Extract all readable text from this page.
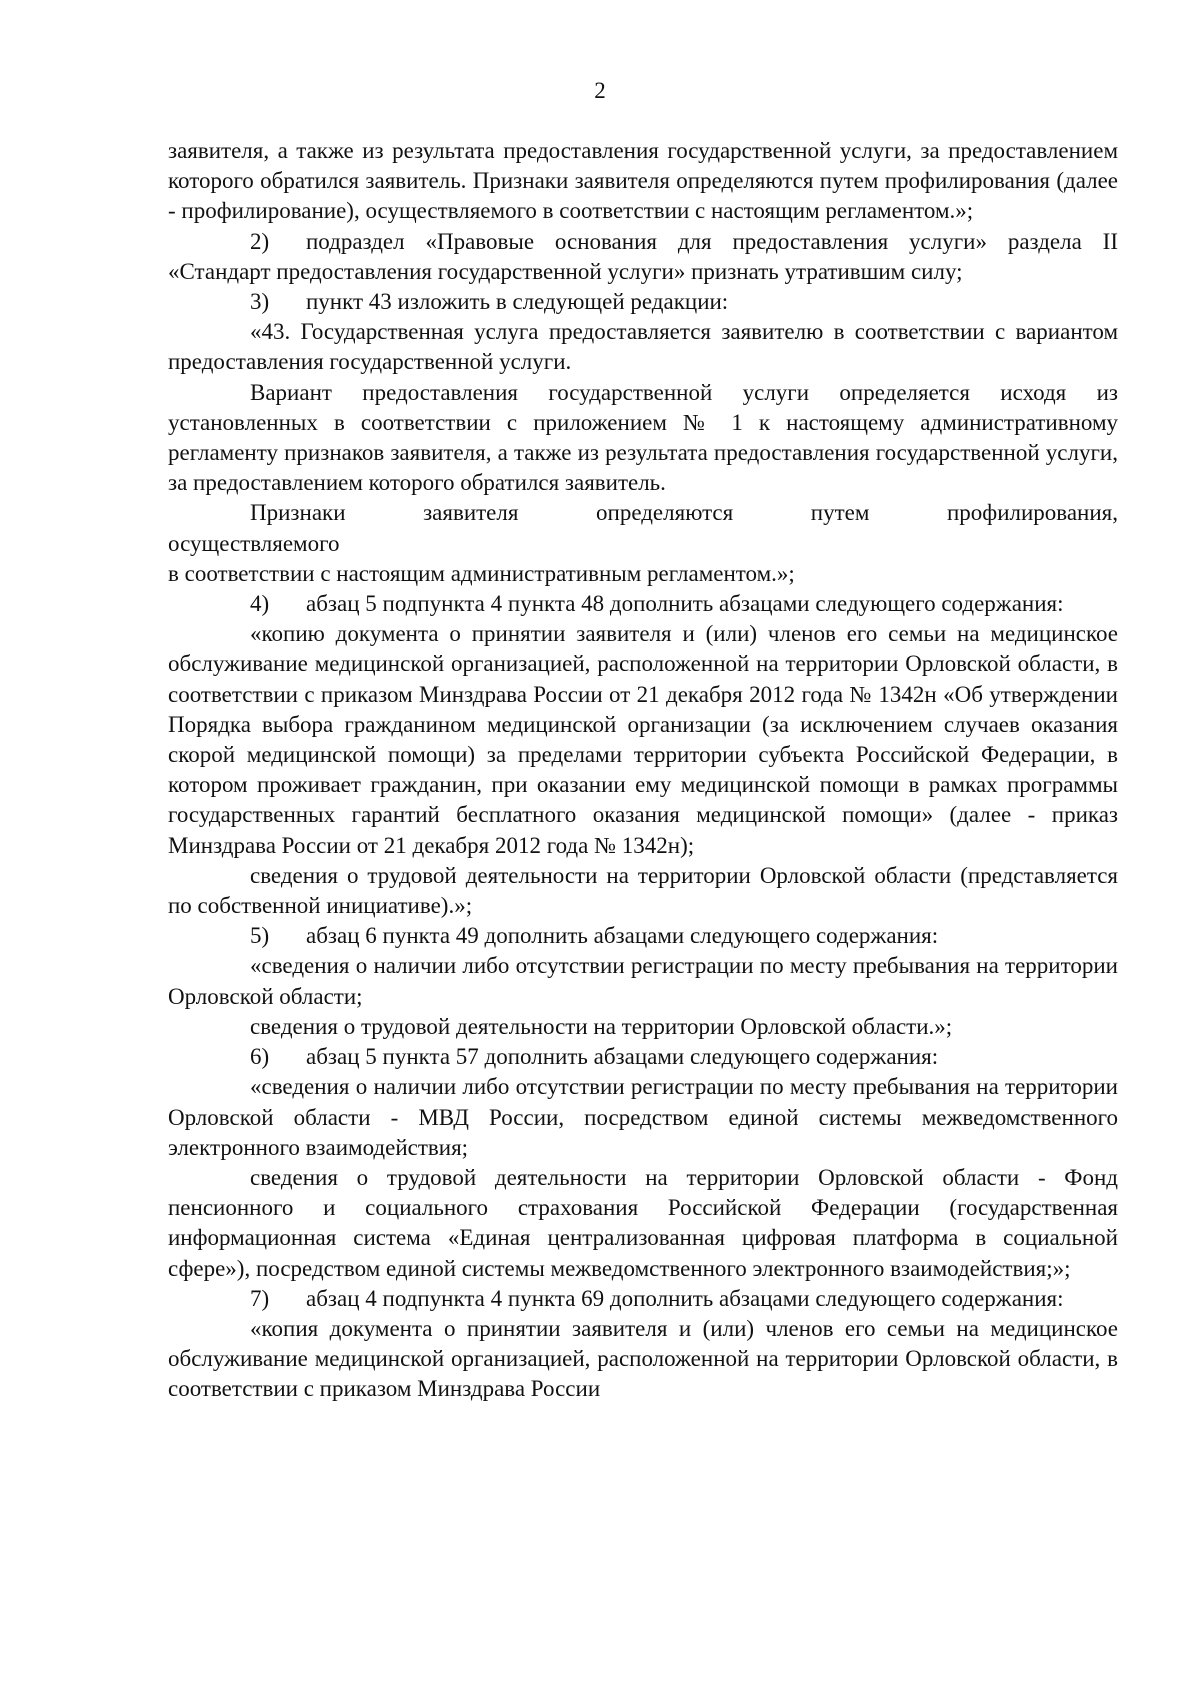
2

заявителя, а также из результата предоставления государственной услуги, за предоставлением которого обратился заявитель. Признаки заявителя определяются путем профилирования (далее - профилирование), осуществляемого в соответствии с настоящим регламентом.»;

2) подраздел «Правовые основания для предоставления услуги» раздела II «Стандарт предоставления государственной услуги» признать утратившим силу;

3) пункт 43 изложить в следующей редакции:

«43. Государственная услуга предоставляется заявителю в соответствии с вариантом предоставления государственной услуги.

Вариант предоставления государственной услуги определяется исходя из установленных в соответствии с приложением № 1 к настоящему административному регламенту признаков заявителя, а также из результата предоставления государственной услуги, за предоставлением которого обратился заявитель.

Признаки заявителя определяются путем профилирования,
осуществляемого
в соответствии с настоящим административным регламентом.»;

4) абзац 5 подпункта 4 пункта 48 дополнить абзацами следующего содержания:

«копию документа о принятии заявителя и (или) членов его семьи на медицинское обслуживание медицинской организацией, расположенной на территории Орловской области, в соответствии с приказом Минздрава России от 21 декабря 2012 года № 1342н «Об утверждении Порядка выбора гражданином медицинской организации (за исключением случаев оказания скорой медицинской помощи) за пределами территории субъекта Российской Федерации, в котором проживает гражданин, при оказании ему медицинской помощи в рамках программы государственных гарантий бесплатного оказания медицинской помощи» (далее - приказ Минздрава России от 21 декабря 2012 года № 1342н);

сведения о трудовой деятельности на территории Орловской области (представляется по собственной инициативе).»;

5) абзац 6 пункта 49 дополнить абзацами следующего содержания:

«сведения о наличии либо отсутствии регистрации по месту пребывания на территории Орловской области;

сведения о трудовой деятельности на территории Орловской области.»;

6) абзац 5 пункта 57 дополнить абзацами следующего содержания:

«сведения о наличии либо отсутствии регистрации по месту пребывания на территории Орловской области - МВД России, посредством единой системы межведомственного электронного взаимодействия;

сведения о трудовой деятельности на территории Орловской области - Фонд пенсионного и социального страхования Российской Федерации (государственная информационная система «Единая централизованная цифровая платформа в социальной сфере»), посредством единой системы межведомственного электронного взаимодействия;»;

7) абзац 4 подпункта 4 пункта 69 дополнить абзацами следующего содержания:

«копия документа о принятии заявителя и (или) членов его семьи на медицинское обслуживание медицинской организацией, расположенной на территории Орловской области, в соответствии с приказом Минздрава России
